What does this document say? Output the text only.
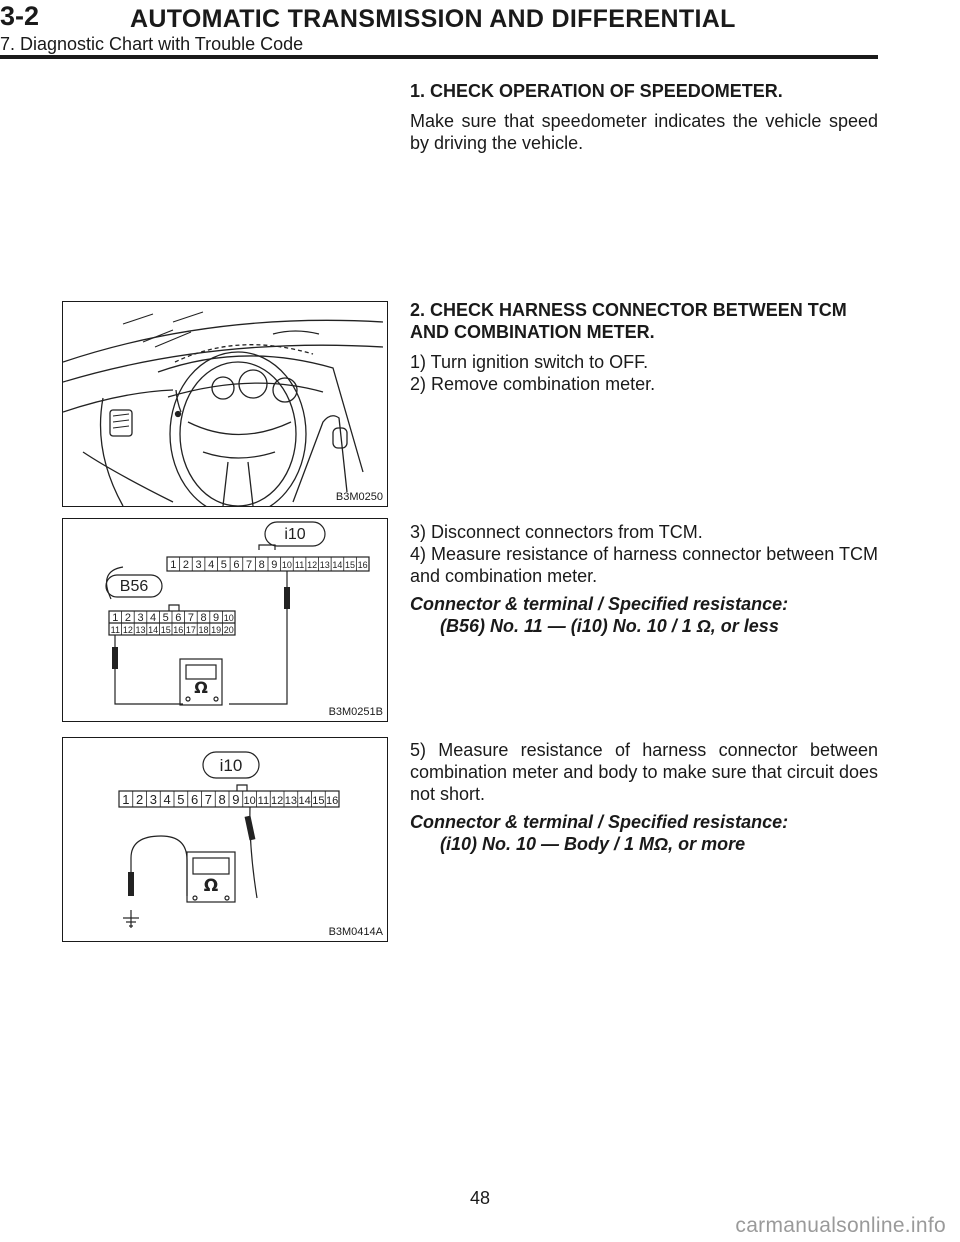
3-2	AUTOMATIC TRANSMISSION AND DIFFERENTIAL
7. Diagnostic Chart with Trouble Code

1. CHECK OPERATION OF SPEEDOMETER.

Make sure that speedometer indicates the vehicle speed by driving the vehicle.

B3M0250

2. CHECK HARNESS CONNECTOR BETWEEN TCM AND COMBINATION METER.

1) Turn ignition switch to OFF.

2) Remove combination meter.

i10
B56
Ω
1 2 3 4 5 6 7 8 9 10 11 12 13 14 15 16
1 2 3 4 5 6 7 8 9 10
11 12 13 14 15 16 17 18 19 20
B3M0251B

3) Disconnect connectors from TCM.

4) Measure resistance of harness connector between TCM and combination meter.

Connector & terminal / Specified resistance:

(B56) No. 11 — (i10) No. 10 / 1 Ω, or less

i10
Ω
1 2 3 4 5 6 7 8 9 10 11 12 13 14 15 16
B3M0414A

5) Measure resistance of harness connector between combination meter and body to make sure that circuit does not short.

Connector & terminal / Specified resistance:

(i10) No. 10 — Body / 1 MΩ, or more

48
carmanualsonline.info
